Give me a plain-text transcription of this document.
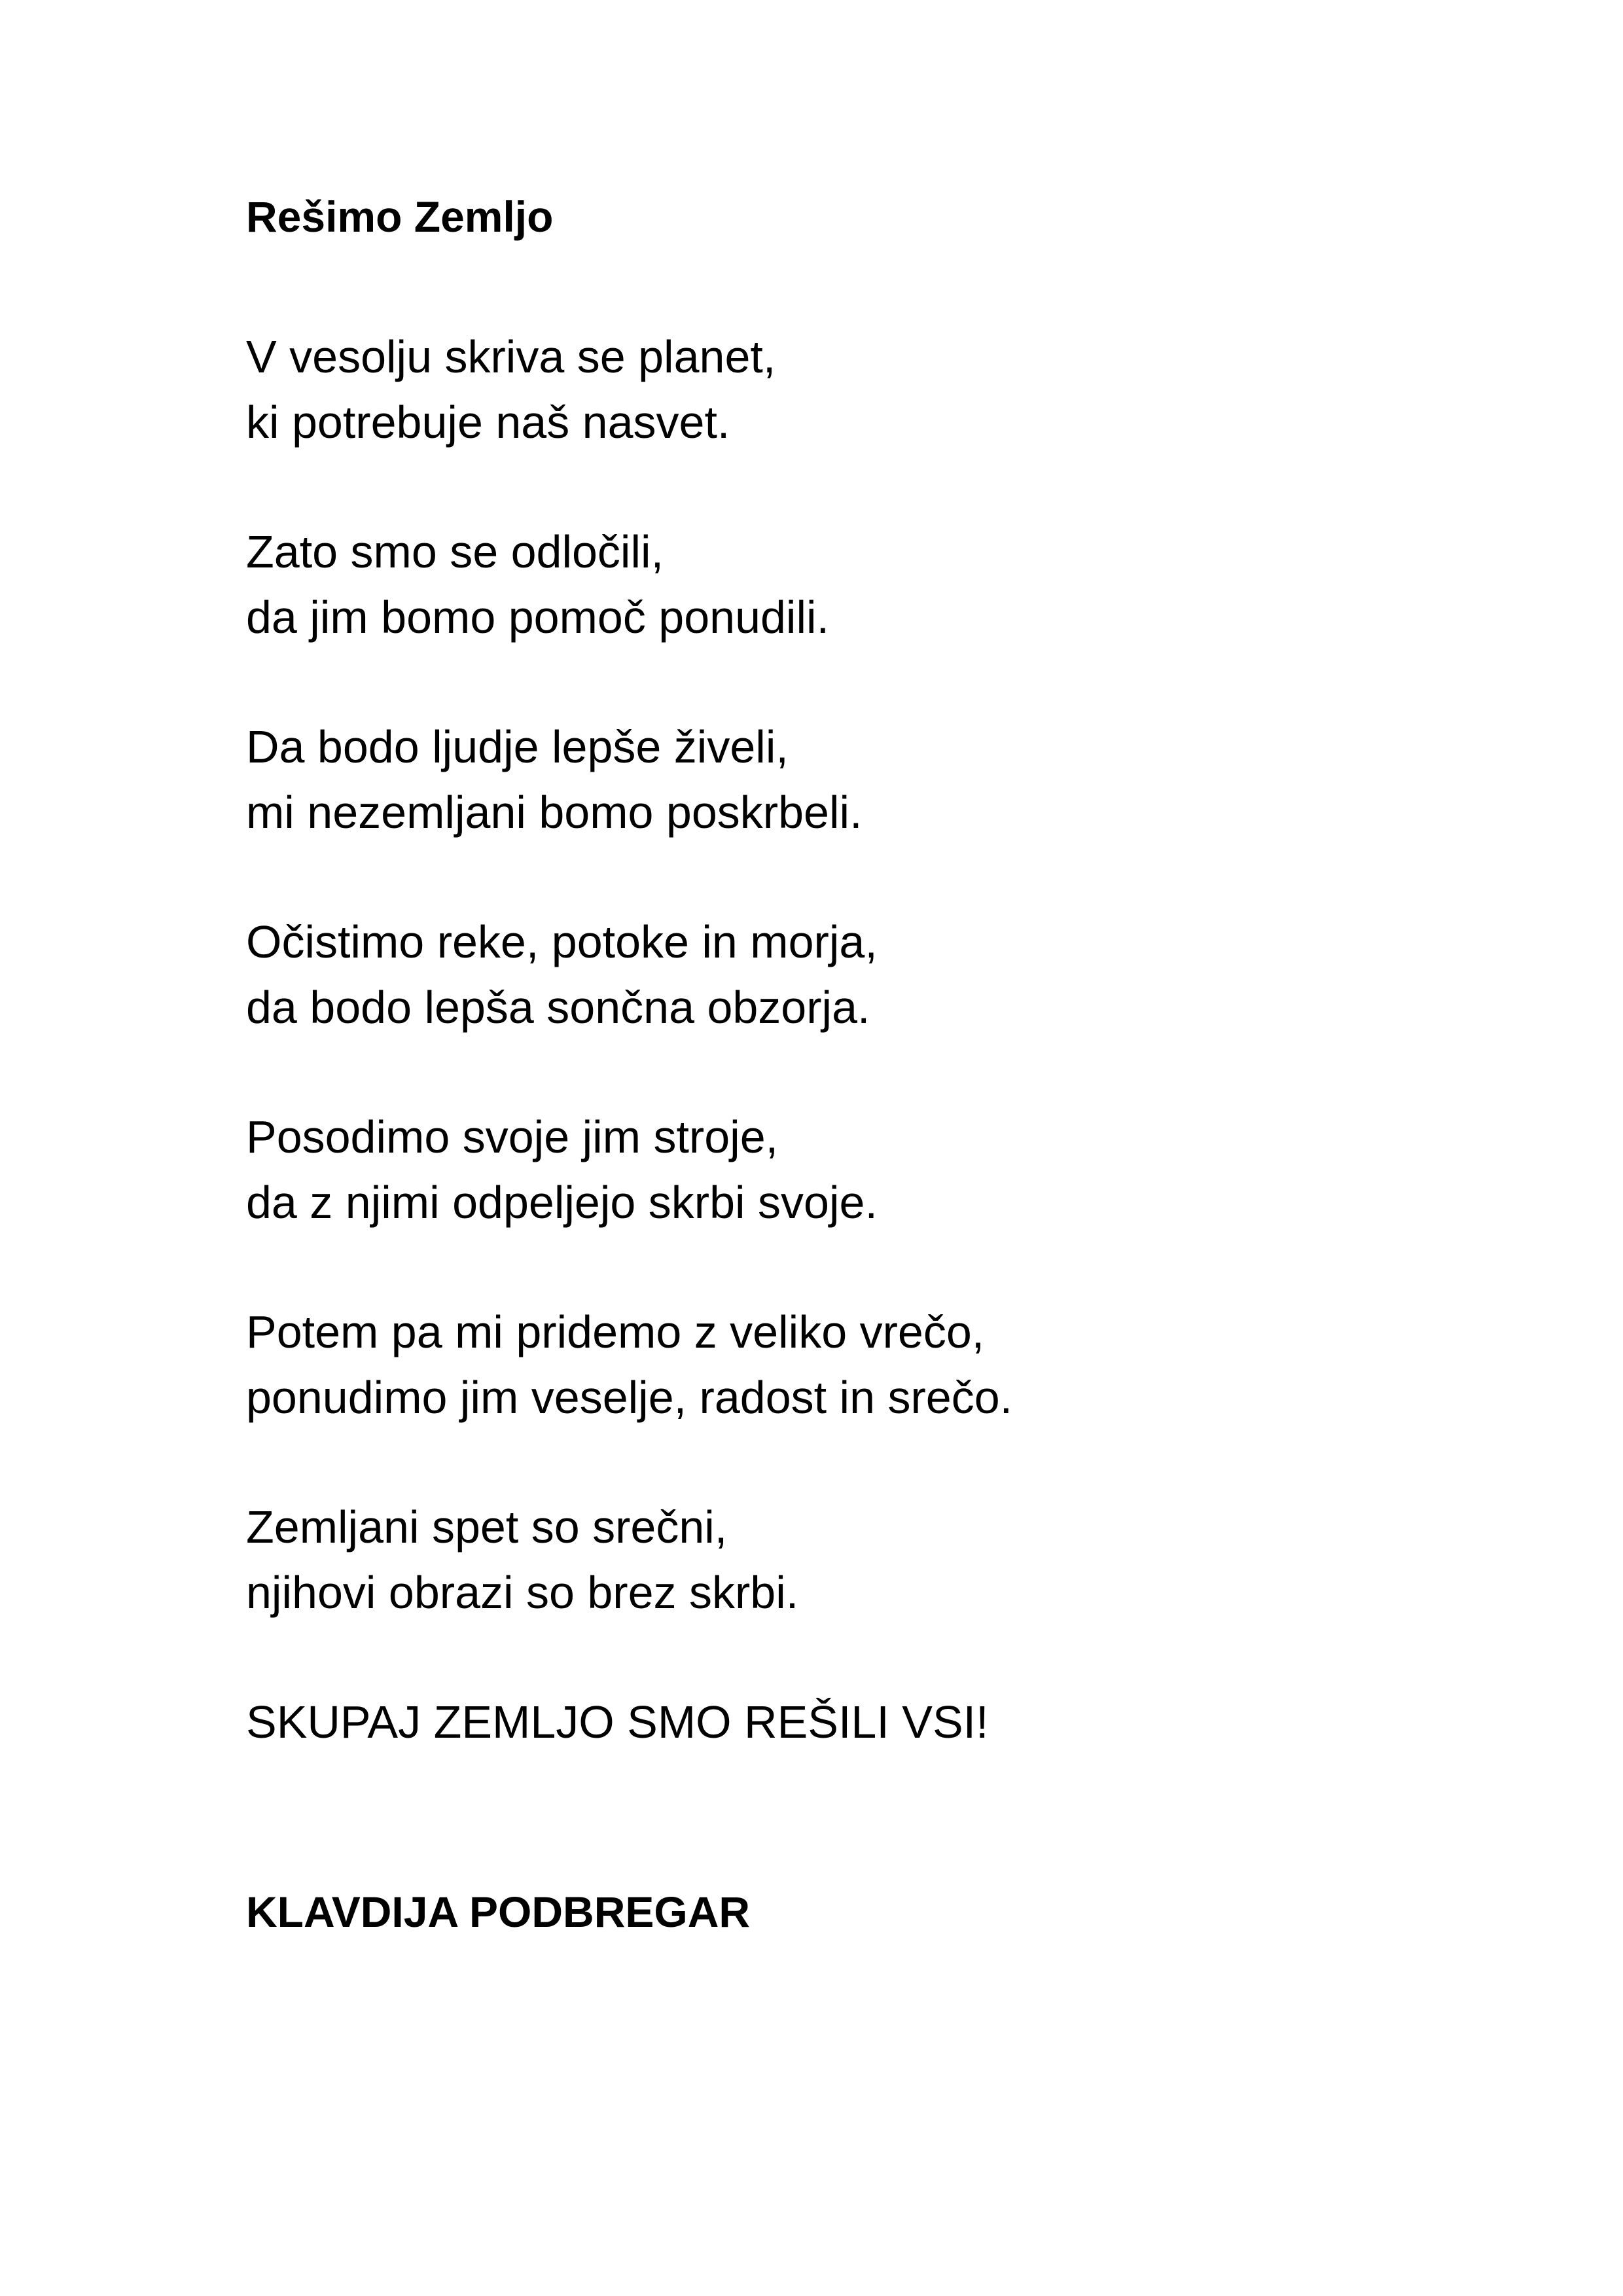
Rešimo Zemljo
V vesolju skriva se planet,
ki potrebuje naš nasvet.
Zato smo se odločili,
da jim bomo pomoč ponudili.
Da bodo ljudje lepše živeli,
mi nezemljani bomo poskrbeli.
Očistimo reke, potoke in morja,
da bodo lepša sončna obzorja.
Posodimo svoje jim stroje,
da z njimi odpeljejo skrbi svoje.
Potem pa mi pridemo z veliko vrečo,
ponudimo jim veselje, radost in srečo.
Zemljani spet so srečni,
njihovi obrazi so brez skrbi.
SKUPAJ ZEMLJO SMO REŠILI VSI!
KLAVDIJA PODBREGAR
